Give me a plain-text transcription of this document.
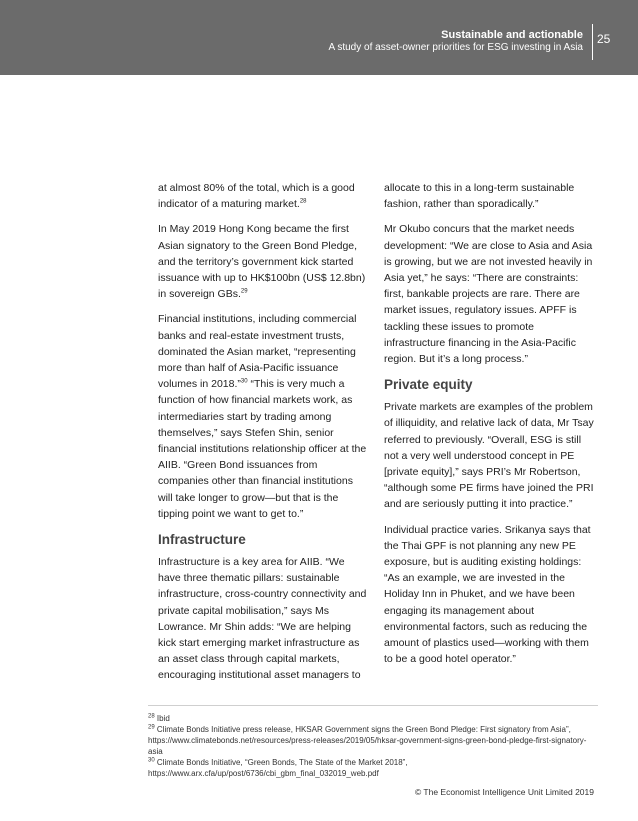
Sustainable and actionable
A study of asset-owner priorities for ESG investing in Asia
25

at almost 80% of the total, which is a good indicator of a maturing market.$^{28}$

In May 2019 Hong Kong became the first Asian signatory to the Green Bond Pledge, and the territory’s government kick started issuance with up to HK$100bn (US$ 12.8bn) in sovereign GBs.$^{29}$

Financial institutions, including commercial banks and real-estate investment trusts, dominated the Asian market, “representing more than half of Asia-Pacific issuance volumes in 2018.”$^{30}$ “This is very much a function of how financial markets work, as intermediaries start by trading among themselves,” says Stefen Shin, senior financial institutions relationship officer at the AIIB. “Green Bond issuances from companies other than financial institutions will take longer to grow—but that is the tipping point we want to get to.”

Infrastructure

Infrastructure is a key area for AIIB. “We have three thematic pillars: sustainable infrastructure, cross-country connectivity and private capital mobilisation,” says Ms Lowrance. Mr Shin adds: “We are helping kick start emerging market infrastructure as an asset class through capital markets, encouraging institutional asset managers to

allocate to this in a long-term sustainable fashion, rather than sporadically.”

Mr Okubo concurs that the market needs development: “We are close to Asia and Asia is growing, but we are not invested heavily in Asia yet,” he says: “There are constraints: first, bankable projects are rare. There are market issues, regulatory issues. APFF is tackling these issues to promote infrastructure financing in the Asia-Pacific region. But it’s a long process.”

Private equity

Private markets are examples of the problem of illiquidity, and relative lack of data, Mr Tsay referred to previously. “Overall, ESG is still not a very well understood concept in PE [private equity],” says PRI’s Mr Robertson, “although some PE firms have joined the PRI and are seriously putting it into practice.”

Individual practice varies. Srikanya says that the Thai GPF is not planning any new PE exposure, but is auditing existing holdings: “As an example, we are invested in the Holiday Inn in Phuket, and we have been engaging its management about environmental factors, such as reducing the amount of plastics used—working with them to be a good hotel operator.”

$^{28}$ Ibid
$^{29}$ Climate Bonds Initiative press release, HKSAR Government signs the Green Bond Pledge: First signatory from Asia”, https://www.climatebonds.net/resources/press-releases/2019/05/hksar-government-signs-green-bond-pledge-first-signatory-asia
$^{30}$ Climate Bonds Initiative, “Green Bonds, The State of the Market 2018”, https://www.arx.cfa/up/post/6736/cbi_gbm_final_032019_web.pdf
© The Economist Intelligence Unit Limited 2019
